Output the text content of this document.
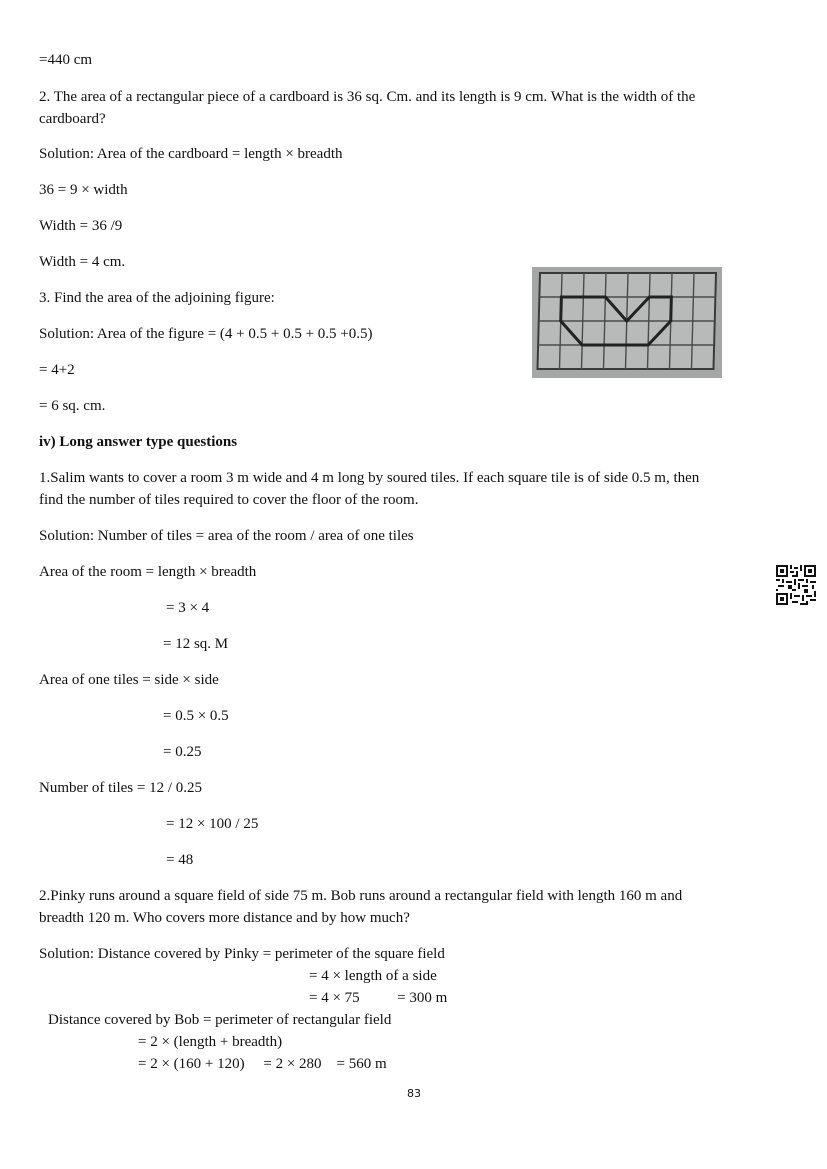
=440 cm
2. The area of a rectangular piece of a cardboard is 36 sq. Cm. and its length is 9 cm. What is the width of the
cardboard?
Solution: Area of the cardboard = length × breadth
36 = 9 × width
Width = 36 /9
Width = 4 cm.
3. Find the area of the adjoining figure:
Solution: Area of the figure = (4 + 0.5 + 0.5 + 0.5 +0.5)
= 4+2
= 6 sq. cm.
iv) Long answer type questions
1.Salim wants to cover a room 3 m wide and 4 m long by soured tiles. If each square tile is of side 0.5 m, then
find the number of tiles required to cover the floor of the room.
Solution: Number of tiles = area of the room / area of one tiles
Area of the room = length × breadth
= 3 × 4
= 12 sq. M
Area of one tiles = side × side
= 0.5 × 0.5
= 0.25
Number of tiles = 12 / 0.25
= 12 × 100 / 25
= 48
2.Pinky runs around a square field of side 75 m. Bob runs around a rectangular field with length 160 m and
breadth 120 m. Who covers more distance and by how much?
Solution: Distance covered by Pinky = perimeter of the square field
= 4 × length of a side
= 4 × 75          = 300 m
Distance covered by Bob = perimeter of rectangular field
= 2 × (length + breadth)
= 2 × (160 + 120)     = 2 × 280    = 560 m
83
